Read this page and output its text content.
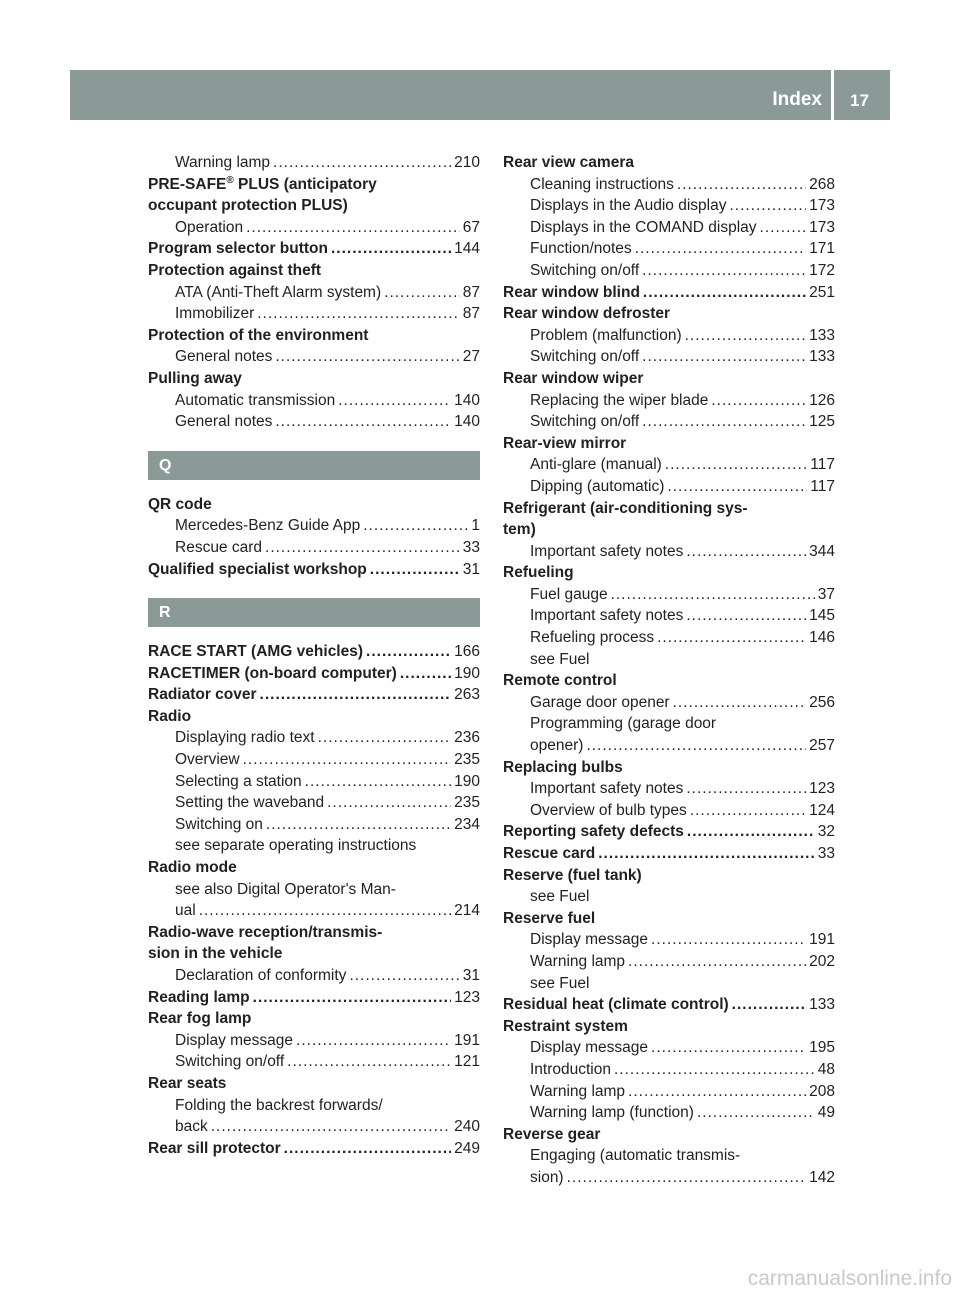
Index 17
Warning lamp .....	210
PRE-SAFE® PLUS (anticipatory
occupant protection PLUS)
Operation .....	67
Program selector button .....	144
Protection against theft
ATA (Anti-Theft Alarm system) .....	87
Immobilizer .....	87
Protection of the environment
General notes .....	27
Pulling away
Automatic transmission .....	140
General notes .....	140
Q
QR code
Mercedes-Benz Guide App .....	1
Rescue card .....	33
Qualified specialist workshop .....	31
R
RACE START (AMG vehicles) .....	166
RACETIMER (on-board computer) .....	190
Radiator cover .....	263
Radio
Displaying radio text .....	236
Overview .....	235
Selecting a station .....	190
Setting the waveband .....	235
Switching on .....	234
see separate operating instructions
Radio mode
see also Digital Operator's Man-
ual .....	214
Radio-wave reception/transmis-
sion in the vehicle
Declaration of conformity .....	31
Reading lamp .....	123
Rear fog lamp
Display message .....	191
Switching on/off .....	121
Rear seats
Folding the backrest forwards/
back .....	240
Rear sill protector .....	249
Rear view camera
Cleaning instructions .....	268
Displays in the Audio display .....	173
Displays in the COMAND display .....	173
Function/notes .....	171
Switching on/off .....	172
Rear window blind .....	251
Rear window defroster
Problem (malfunction) .....	133
Switching on/off .....	133
Rear window wiper
Replacing the wiper blade .....	126
Switching on/off .....	125
Rear-view mirror
Anti-glare (manual) .....	117
Dipping (automatic) .....	117
Refrigerant (air-conditioning sys-
tem)
Important safety notes .....	344
Refueling
Fuel gauge .....	37
Important safety notes .....	145
Refueling process .....	146
see Fuel
Remote control
Garage door opener .....	256
Programming (garage door
opener) .....	257
Replacing bulbs
Important safety notes .....	123
Overview of bulb types .....	124
Reporting safety defects .....	32
Rescue card .....	33
Reserve (fuel tank)
see Fuel
Reserve fuel
Display message .....	191
Warning lamp .....	202
see Fuel
Residual heat (climate control) .....	133
Restraint system
Display message .....	195
Introduction .....	48
Warning lamp .....	208
Warning lamp (function) .....	49
Reverse gear
Engaging (automatic transmis-
sion) .....	142
carmanualsonline.info
